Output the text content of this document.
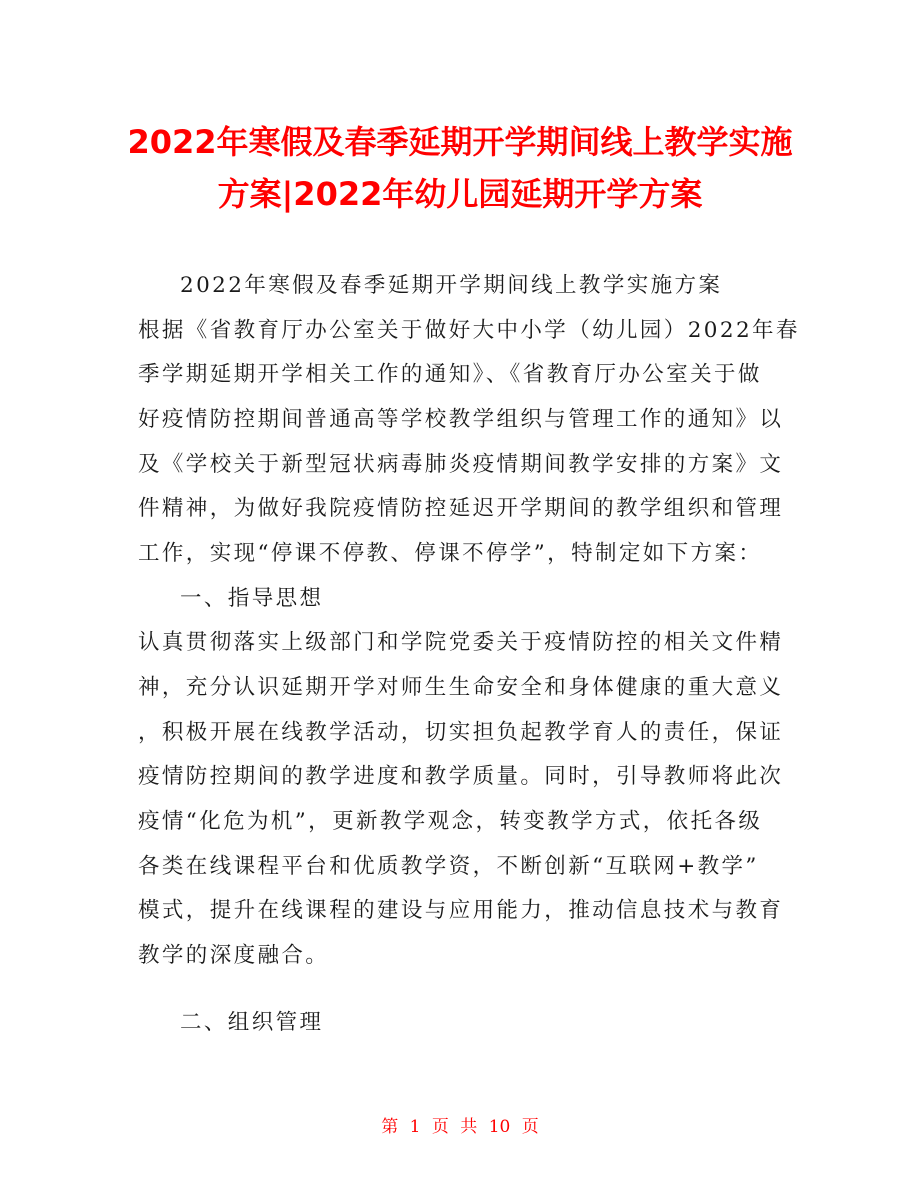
2022年寒假及春季延期开学期间线上教学实施
方案|2022年幼儿园延期开学方案
2022年寒假及春季延期开学期间线上教学实施方案
根据《省教育厅办公室关于做好大中小学（幼儿园）2022年春
季学期延期开学相关工作的通知》、《省教育厅办公室关于做
好疫情防控期间普通高等学校教学组织与管理工作的通知》以
及《学校关于新型冠状病毒肺炎疫情期间教学安排的方案》文
件精神，为做好我院疫情防控延迟开学期间的教学组织和管理
工作，实现“停课不停教、停课不停学”，特制定如下方案：
一、指导思想
认真贯彻落实上级部门和学院党委关于疫情防控的相关文件精
神，充分认识延期开学对师生生命安全和身体健康的重大意义
，积极开展在线教学活动，切实担负起教学育人的责任，保证
疫情防控期间的教学进度和教学质量。同时，引导教师将此次
疫情“化危为机”，更新教学观念，转变教学方式，依托各级
各类在线课程平台和优质教学资，不断创新“互联网+教学”
模式，提升在线课程的建设与应用能力，推动信息技术与教育
教学的深度融合。
二、组织管理
第 1 页 共 10 页
